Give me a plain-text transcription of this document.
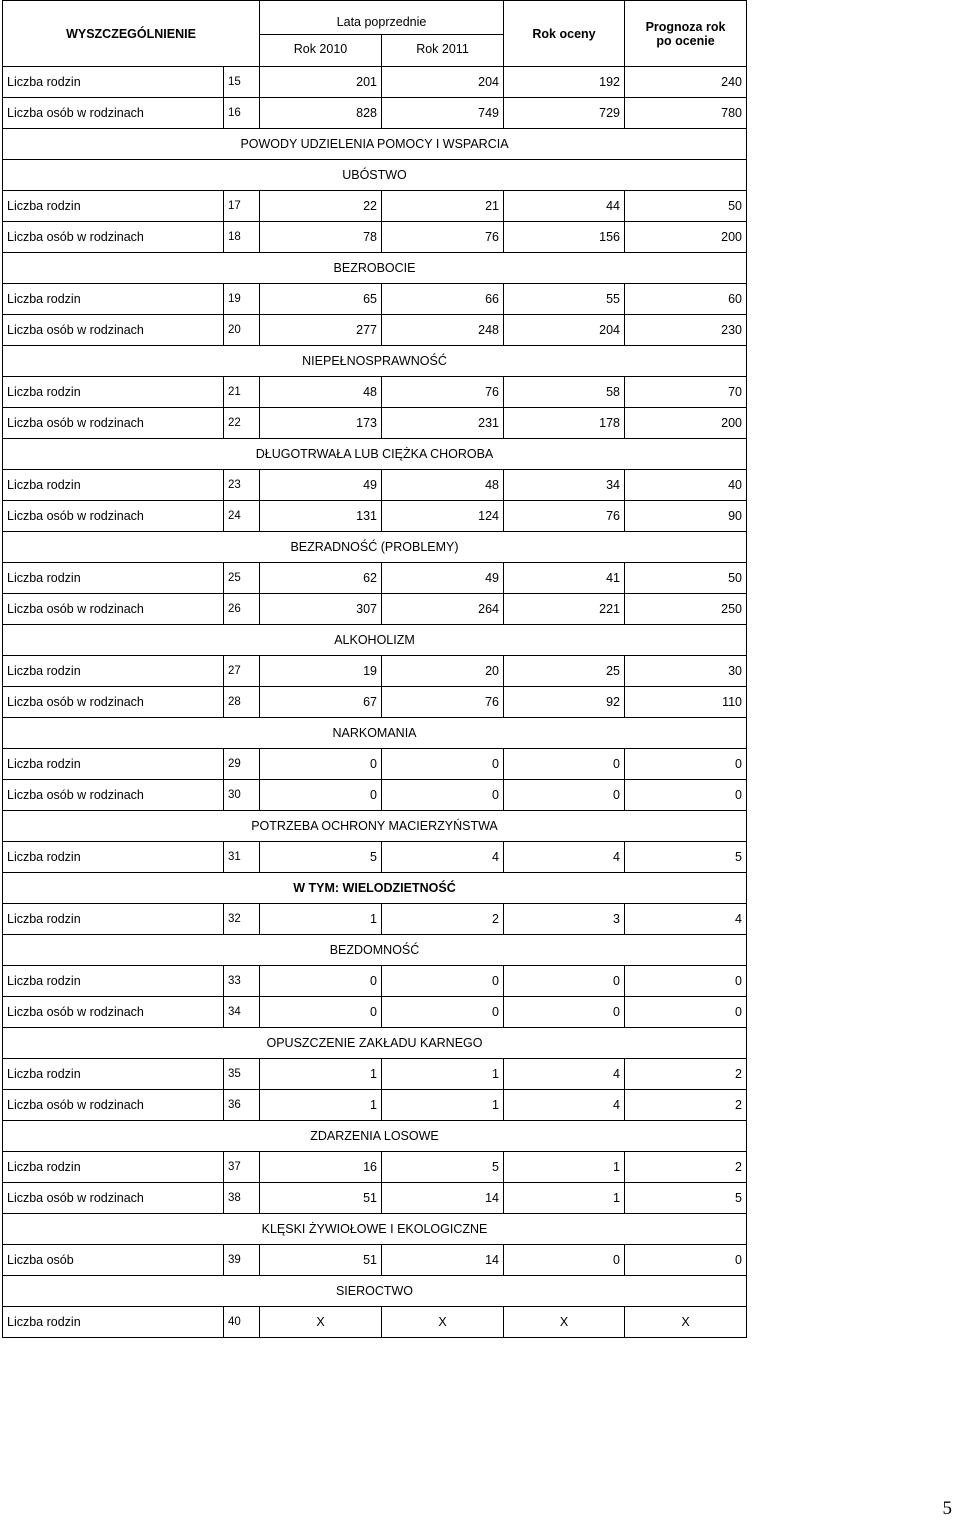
WYSZCZEGÓLNIENIE		Lata poprzednie		Rok oceny	Prognoza rok
po ocenie
		Rok 2010	Rok 2011		
Liczba rodzin	15	201	204	192	240
Liczba osób w rodzinach	16	828	749	729	780
POWODY UDZIELENIA POMOCY I WSPARCIA					
UBÓSTWO					
Liczba rodzin	17	22	21	44	50
Liczba osób w rodzinach	18	78	76	156	200
BEZROBOCIE					
Liczba rodzin	19	65	66	55	60
Liczba osób w rodzinach	20	277	248	204	230
NIEPEŁNOSPRAWNOŚĆ					
Liczba rodzin	21	48	76	58	70
Liczba osób w rodzinach	22	173	231	178	200
DŁUGOTRWAŁA LUB CIĘŻKA CHOROBA					
Liczba rodzin	23	49	48	34	40
Liczba osób w rodzinach	24	131	124	76	90
BEZRADNOŚĆ (PROBLEMY)					
Liczba rodzin	25	62	49	41	50
Liczba osób w rodzinach	26	307	264	221	250
ALKOHOLIZM					
Liczba rodzin	27	19	20	25	30
Liczba osób w rodzinach	28	67	76	92	110
NARKOMANIA					
Liczba rodzin	29	0	0	0	0
Liczba osób w rodzinach	30	0	0	0	0
POTRZEBA OCHRONY MACIERZYŃSTWA					
Liczba rodzin	31	5	4	4	5
W TYM: WIELODZIETNOŚĆ					
Liczba rodzin	32	1	2	3	4
BEZDOMNOŚĆ					
Liczba rodzin	33	0	0	0	0
Liczba osób w rodzinach	34	0	0	0	0
OPUSZCZENIE ZAKŁADU KARNEGO					
Liczba rodzin	35	1	1	4	2
Liczba osób w rodzinach	36	1	1	4	2
ZDARZENIA LOSOWE					
Liczba rodzin	37	16	5	1	2
Liczba osób w rodzinach	38	51	14	1	5
KLĘSKI ŻYWIOŁOWE I EKOLOGICZNE					
Liczba osób	39	51	14	0	0
SIEROCTWO					
Liczba rodzin	40	X	X	X	X
5
